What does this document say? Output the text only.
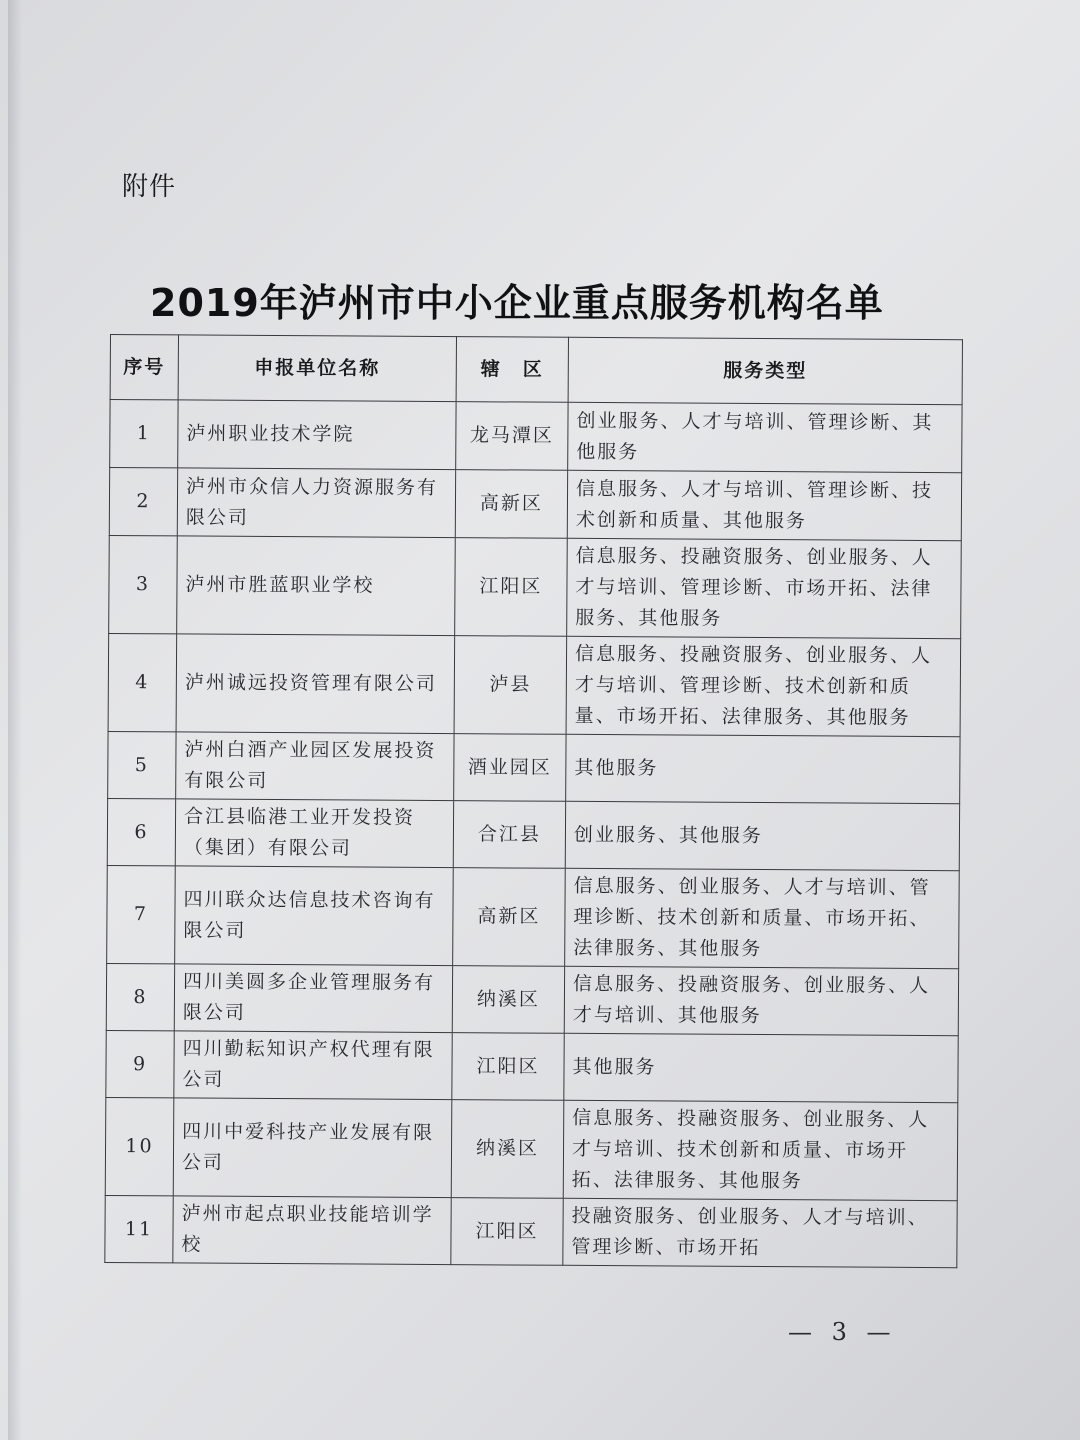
附件
2019年泸州市中小企业重点服务机构名单
序号	申报单位名称	辖　区	服务类型
1	泸州职业技术学院	龙马潭区	创业服务、人才与培训、管理诊断、其他服务
2	泸州市众信人力资源服务有限公司	高新区	信息服务、人才与培训、管理诊断、技术创新和质量、其他服务
3	泸州市胜蓝职业学校	江阳区	信息服务、投融资服务、创业服务、人才与培训、管理诊断、市场开拓、法律服务、其他服务
4	泸州诚远投资管理有限公司	泸县	信息服务、投融资服务、创业服务、人才与培训、管理诊断、技术创新和质量、市场开拓、法律服务、其他服务
5	泸州白酒产业园区发展投资有限公司	酒业园区	其他服务
6	合江县临港工业开发投资（集团）有限公司	合江县	创业服务、其他服务
7	四川联众达信息技术咨询有限公司	高新区	信息服务、创业服务、人才与培训、管理诊断、技术创新和质量、市场开拓、法律服务、其他服务
8	四川美圆多企业管理服务有限公司	纳溪区	信息服务、投融资服务、创业服务、人才与培训、其他服务
9	四川勤耘知识产权代理有限公司	江阳区	其他服务
10	四川中爱科技产业发展有限公司	纳溪区	信息服务、投融资服务、创业服务、人才与培训、技术创新和质量、市场开拓、法律服务、其他服务
11	泸州市起点职业技能培训学校	江阳区	投融资服务、创业服务、人才与培训、管理诊断、市场开拓
— 3 —
